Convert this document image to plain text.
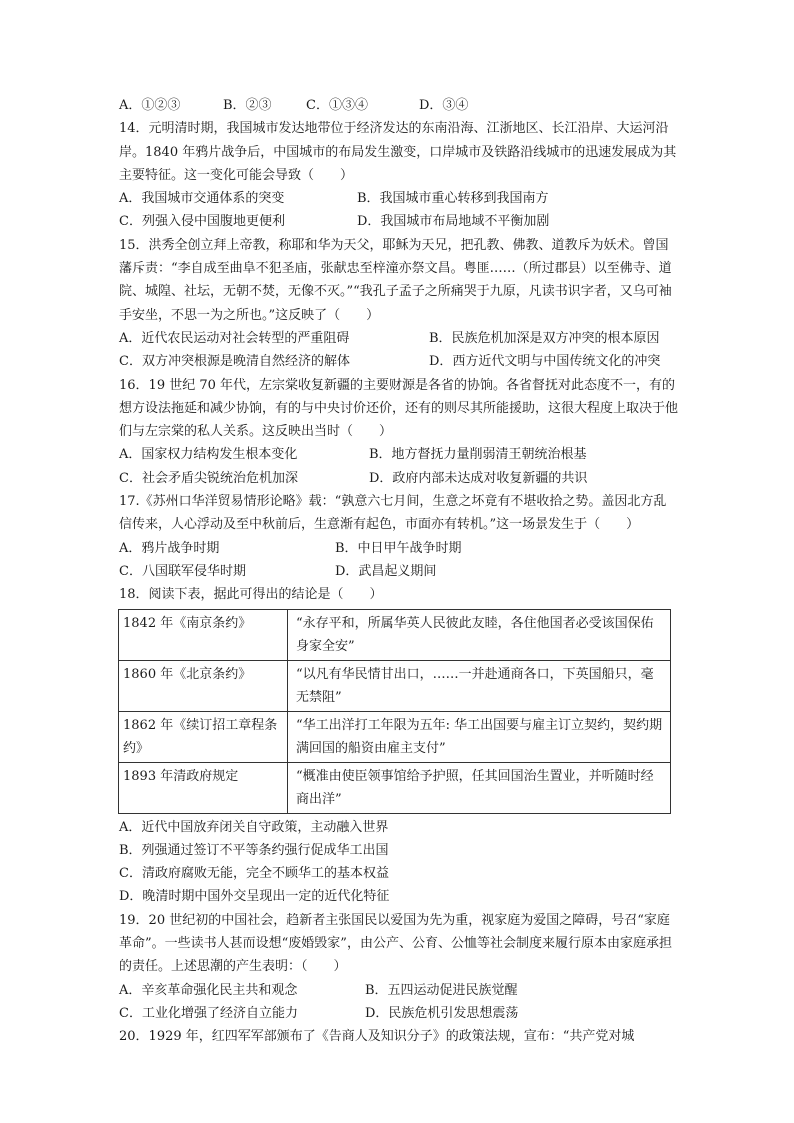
A．①②③	B．②③	C．①③④	D．③④
14．元明清时期，我国城市发达地带位于经济发达的东南沿海、江浙地区、长江沿岸、大运河沿岸。1840 年鸦片战争后，中国城市的布局发生激变，口岸城市及铁路沿线城市的迅速发展成为其主要特征。这一变化可能会导致（　　）
A．我国城市交通体系的突变	B．我国城市重心转移到我国南方
C．列强入侵中国腹地更便利	D．我国城市布局地域不平衡加剧
15．洪秀全创立拜上帝教，称耶和华为天父，耶稣为天兄，把孔教、佛教、道教斥为妖术。曾国藩斥责：“李自成至曲阜不犯圣庙，张献忠至梓潼亦祭文昌。粤匪……（所过郡县）以至佛寺、道院、城隍、社坛，无朝不焚，无像不灭。”“我孔子孟子之所痛哭于九原，凡读书识字者，又乌可袖手安坐，不思一为之所也。”这反映了（　　）
A．近代农民运动对社会转型的严重阻碍	B．民族危机加深是双方冲突的根本原因
C．双方冲突根源是晚清自然经济的解体	D．西方近代文明与中国传统文化的冲突
16．19 世纪 70 年代，左宗棠收复新疆的主要财源是各省的协饷。各省督抚对此态度不一，有的想方设法拖延和减少协饷，有的与中央讨价还价，还有的则尽其所能援助，这很大程度上取决于他们与左宗棠的私人关系。这反映出当时（　　）
A．国家权力结构发生根本变化	B．地方督抚力量削弱清王朝统治根基
C．社会矛盾尖锐统治危机加深	D．政府内部未达成对收复新疆的共识
17.《苏州口华洋贸易情形论略》载：“孰意六七月间，生意之坏竟有不堪收拾之势。盖因北方乱信传来，人心浮动及至中秋前后，生意渐有起色，市面亦有转机。”这一场景发生于（　　）
A．鸦片战争时期	B．中日甲午战争时期
C．八国联军侵华时期	D．武昌起义期间
18．阅读下表，据此可得出的结论是（　　）
1842 年《南京条约》	“永存平和，所属华英人民彼此友睦，各住他国者必受该国保佑身家全安”
1860 年《北京条约》	“以凡有华民情甘出口，……一并赴通商各口，下英国船只，毫无禁阻”
1862 年《续订招工章程条约》	“华工出洋打工年限为五年: 华工出国要与雇主订立契约，契约期满回国的船资由雇主支付”
1893 年清政府规定	“概准由使臣领事馆给予护照，任其回国治生置业，并听随时经商出洋”
A．近代中国放弃闭关自守政策，主动融入世界
B．列强通过签订不平等条约强行促成华工出国
C．清政府腐败无能，完全不顾华工的基本权益
D．晚清时期中国外交呈现出一定的近代化特征
19．20 世纪初的中国社会，趋新者主张国民以爱国为先为重，视家庭为爱国之障碍，号召“家庭革命”。一些读书人甚而设想“废婚毁家”，由公产、公育、公恤等社会制度来履行原本由家庭承担的责任。上述思潮的产生表明：（　　）
A．辛亥革命强化民主共和观念	B．五四运动促进民族觉醒
C．工业化增强了经济自立能力	D．民族危机引发思想震荡
20．1929 年，红四军军部颁布了《告商人及知识分子》的政策法规，宣布：“共产党对城
